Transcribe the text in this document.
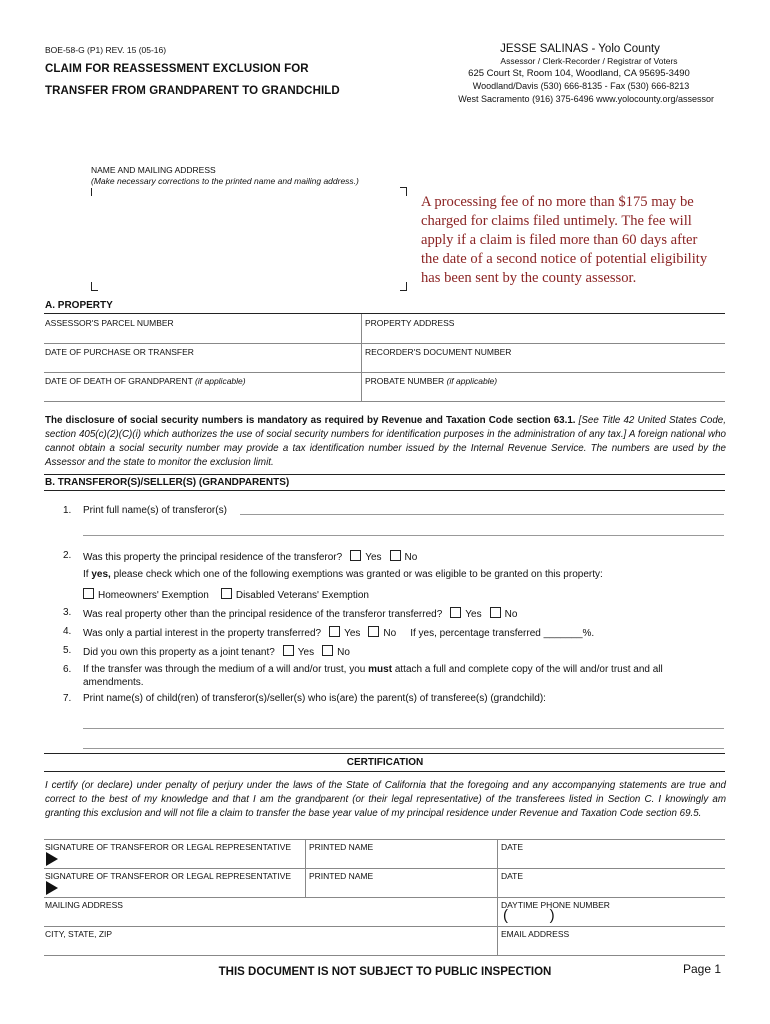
BOE-58-G (P1) REV. 15 (05-16)
CLAIM FOR REASSESSMENT EXCLUSION FOR
TRANSFER FROM GRANDPARENT TO GRANDCHILD
JESSE SALINAS - Yolo County
Assessor / Clerk-Recorder / Registrar of Voters
625 Court St, Room 104, Woodland, CA 95695-3490
Woodland/Davis (530) 666-8135 - Fax (530) 666-8213
West Sacramento (916) 375-6496 www.yolocounty.org/assessor
NAME AND MAILING ADDRESS
(Make necessary corrections to the printed name and mailing address.)
A processing fee of no more than $175 may be
charged for claims filed untimely. The fee will
apply if a claim is filed more than 60 days after
the date of a second notice of potential eligibility
has been sent by the county assessor.
A. PROPERTY
ASSESSOR'S PARCEL NUMBER	PROPERTY ADDRESS
DATE OF PURCHASE OR TRANSFER	RECORDER'S DOCUMENT NUMBER
DATE OF DEATH OF GRANDPARENT (if applicable)	PROBATE NUMBER (if applicable)
The disclosure of social security numbers is mandatory as required by Revenue and Taxation Code section 63.1. [See Title 42 United States Code, section 405(c)(2)(C)(i) which authorizes the use of social security numbers for identification purposes in the administration of any tax.] A foreign national who cannot obtain a social security number may provide a tax identification number issued by the Internal Revenue Service. The numbers are used by the Assessor and the state to monitor the exclusion limit.
B. TRANSFEROR(S)/SELLER(S) (GRANDPARENTS)
1. Print full name(s) of transferor(s)
2. Was this property the principal residence of the transferor? Yes No
If yes, please check which one of the following exemptions was granted or was eligible to be granted on this property:
Homeowners' Exemption	Disabled Veterans' Exemption
3. Was real property other than the principal residence of the transferor transferred? Yes No
4. Was only a partial interest in the property transferred? Yes No If yes, percentage transferred _______%.
5. Did you own this property as a joint tenant? Yes No
6. If the transfer was through the medium of a will and/or trust, you must attach a full and complete copy of the will and/or trust and all
amendments.
7. Print name(s) of child(ren) of transferor(s)/seller(s) who is(are) the parent(s) of transferee(s) (grandchild):
CERTIFICATION
I certify (or declare) under penalty of perjury under the laws of the State of California that the foregoing and any accompanying statements are true and correct to the best of my knowledge and that I am the grandparent (or their legal representative) of the transferees listed in Section C. I knowingly am granting this exclusion and will not file a claim to transfer the base year value of my principal residence under Revenue and Taxation Code section 69.5.
SIGNATURE OF TRANSFEROR OR LEGAL REPRESENTATIVE PRINTED NAME	DATE
SIGNATURE OF TRANSFEROR OR LEGAL REPRESENTATIVE PRINTED NAME	DATE
MAILING ADDRESS	DAYTIME PHONE NUMBER
(          )
CITY, STATE, ZIP	EMAIL ADDRESS
THIS DOCUMENT IS NOT SUBJECT TO PUBLIC INSPECTION	Page 1
